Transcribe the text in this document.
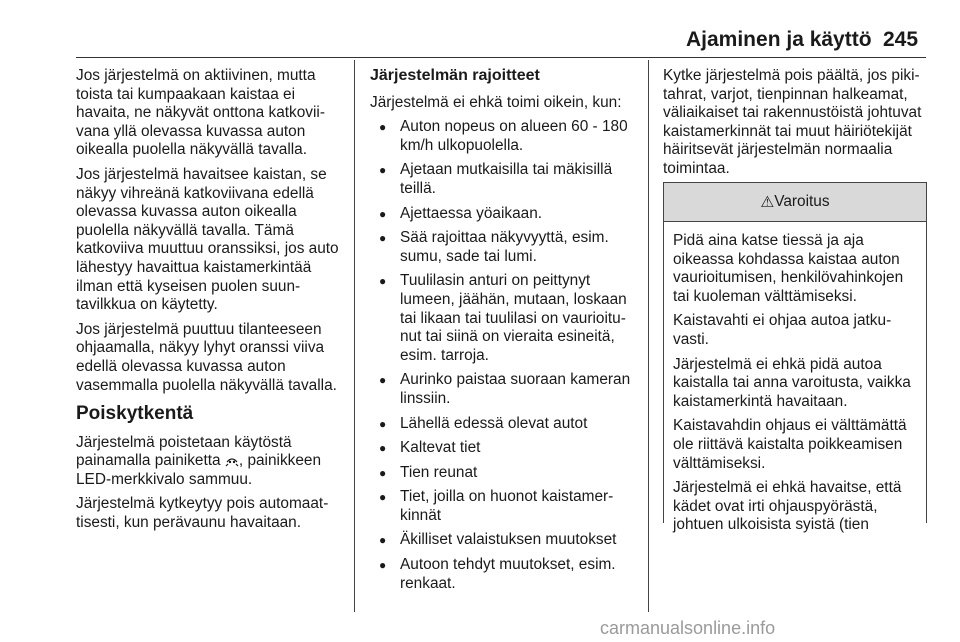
Ajaminen ja käyttö 245

Jos järjestelmä on aktiivinen, mutta toista tai kumpaakaan kaistaa ei havaita, ne näkyvät onttona katkoviivana yllä olevassa kuvassa auton oikealla puolella näkyvällä tavalla.

Jos järjestelmä havaitsee kaistan, se näkyy vihreänä katkoviivana edellä olevassa kuvassa auton oikealla puolella näkyvällä tavalla. Tämä katkoviiva muuttuu oranssiksi, jos auto lähestyy havaittua kaistamerkintää ilman että kyseisen puolen suuntavilkkua on käytetty.

Jos järjestelmä puuttuu tilanteeseen ohjaamalla, näkyy lyhyt oranssi viiva edellä olevassa kuvassa auton vasemmalla puolella näkyvällä tavalla.

Poiskytkentä

Järjestelmä poistetaan käytöstä painamalla painiketta , painikkeen LED-merkkivalo sammuu.

Järjestelmä kytkeytyy pois automaattisesti, kun perävaunu havaitaan.

Järjestelmän rajoitteet

Järjestelmä ei ehkä toimi oikein, kun:

● Auton nopeus on alueen 60 - 180 km/h ulkopuolella.
● Ajetaan mutkaisilla tai mäkisillä teillä.
● Ajettaessa yöaikaan.
● Sää rajoittaa näkyvyyttä, esim. sumu, sade tai lumi.
● Tuulilasin anturi on peittynyt lumeen, jäähän, mutaan, loskaan tai likaan tai tuulilasi on vaurioitunut tai siinä on vieraita esineitä, esim. tarroja.
● Aurinko paistaa suoraan kameran linssiin.
● Lähellä edessä olevat autot
● Kaltevat tiet
● Tien reunat
● Tiet, joilla on huonot kaistamerkinnät
● Äkilliset valaistuksen muutokset
● Autoon tehdyt muutokset, esim. renkaat.

Kytke järjestelmä pois päältä, jos pikitahrat, varjot, tienpinnan halkeamat, väliaikaiset tai rakennustöistä johtuvat kaistamerkinnät tai muut häiriötekijät häiritsevät järjestelmän normaalia toimintaa.

⚠ Varoitus

Pidä aina katse tiessä ja aja oikeassa kohdassa kaistaa auton vaurioitumisen, henkilövahinkojen tai kuoleman välttämiseksi.

Kaistavahti ei ohjaa autoa jatkuvasti.

Järjestelmä ei ehkä pidä autoa kaistalla tai anna varoitusta, vaikka kaistamerkintä havaitaan.

Kaistavahdin ohjaus ei välttämättä ole riittävä kaistalta poikkeamisen välttämiseksi.

Järjestelmä ei ehkä havaitse, että kädet ovat irti ohjauspyörästä, johtuen ulkoisista syistä (tien

carmanualsonline.info
